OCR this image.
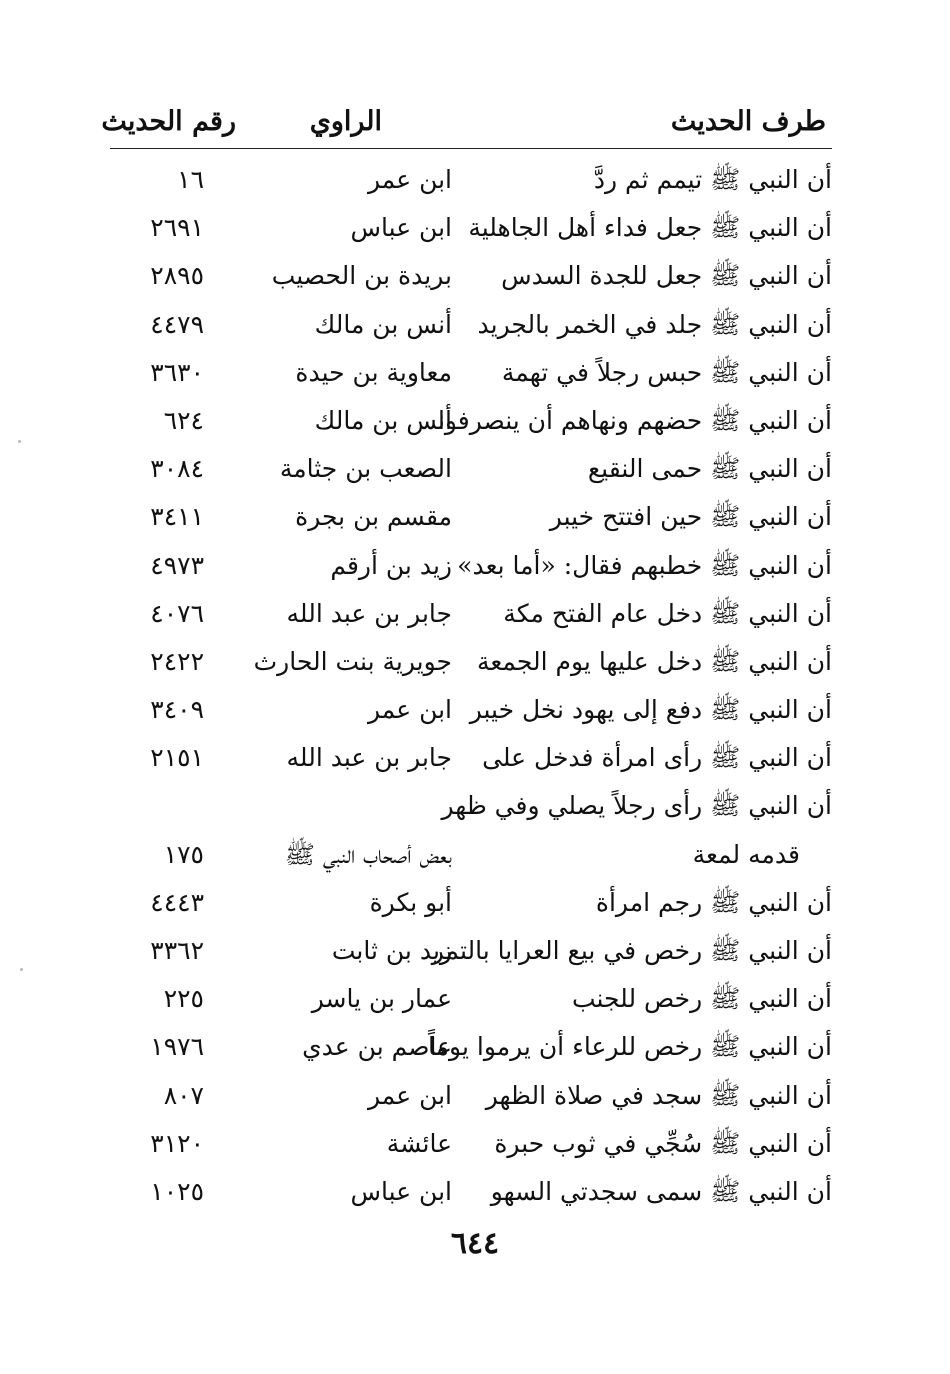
طرف الحديث
الراوي
رقم الحديث
أن النبي ﷺ تيمم ثم ردَّ
ابن عمر
١٦
أن النبي ﷺ جعل فداء أهل الجاهلية
ابن عباس
٢٦٩١
أن النبي ﷺ جعل للجدة السدس
بريدة بن الحصيب
٢٨٩٥
أن النبي ﷺ جلد في الخمر بالجريد
أنس بن مالك
٤٤٧٩
أن النبي ﷺ حبس رجلاً في تهمة
معاوية بن حيدة
٣٦٣٠
أن النبي ﷺ حضهم ونهاهم أن ينصرفوا
أنس بن مالك
٦٢٤
أن النبي ﷺ حمى النقيع
الصعب بن جثامة
٣٠٨٤
أن النبي ﷺ حين افتتح خيبر
مقسم بن بجرة
٣٤١١
أن النبي ﷺ خطبهم فقال: «أما بعد»
زيد بن أرقم
٤٩٧٣
أن النبي ﷺ دخل عام الفتح مكة
جابر بن عبد الله
٤٠٧٦
أن النبي ﷺ دخل عليها يوم الجمعة
جويرية بنت الحارث
٢٤٢٢
أن النبي ﷺ دفع إلى يهود نخل خيبر
ابن عمر
٣٤٠٩
أن النبي ﷺ رأى امرأة فدخل على
جابر بن عبد الله
٢١٥١
أن النبي ﷺ رأى رجلاً يصلي وفي ظهر
قدمه لمعة
بعض أصحاب النبي ﷺ
١٧٥
أن النبي ﷺ رجم امرأة
أبو بكرة
٤٤٤٣
أن النبي ﷺ رخص في بيع العرايا بالتمر
زيد بن ثابت
٣٣٦٢
أن النبي ﷺ رخص للجنب
عمار بن ياسر
٢٢٥
أن النبي ﷺ رخص للرعاء أن يرموا يوماً
عاصم بن عدي
١٩٧٦
أن النبي ﷺ سجد في صلاة الظهر
ابن عمر
٨٠٧
أن النبي ﷺ سُجِّي في ثوب حبرة
عائشة
٣١٢٠
أن النبي ﷺ سمى سجدتي السهو
ابن عباس
١٠٢٥
٦٤٤
